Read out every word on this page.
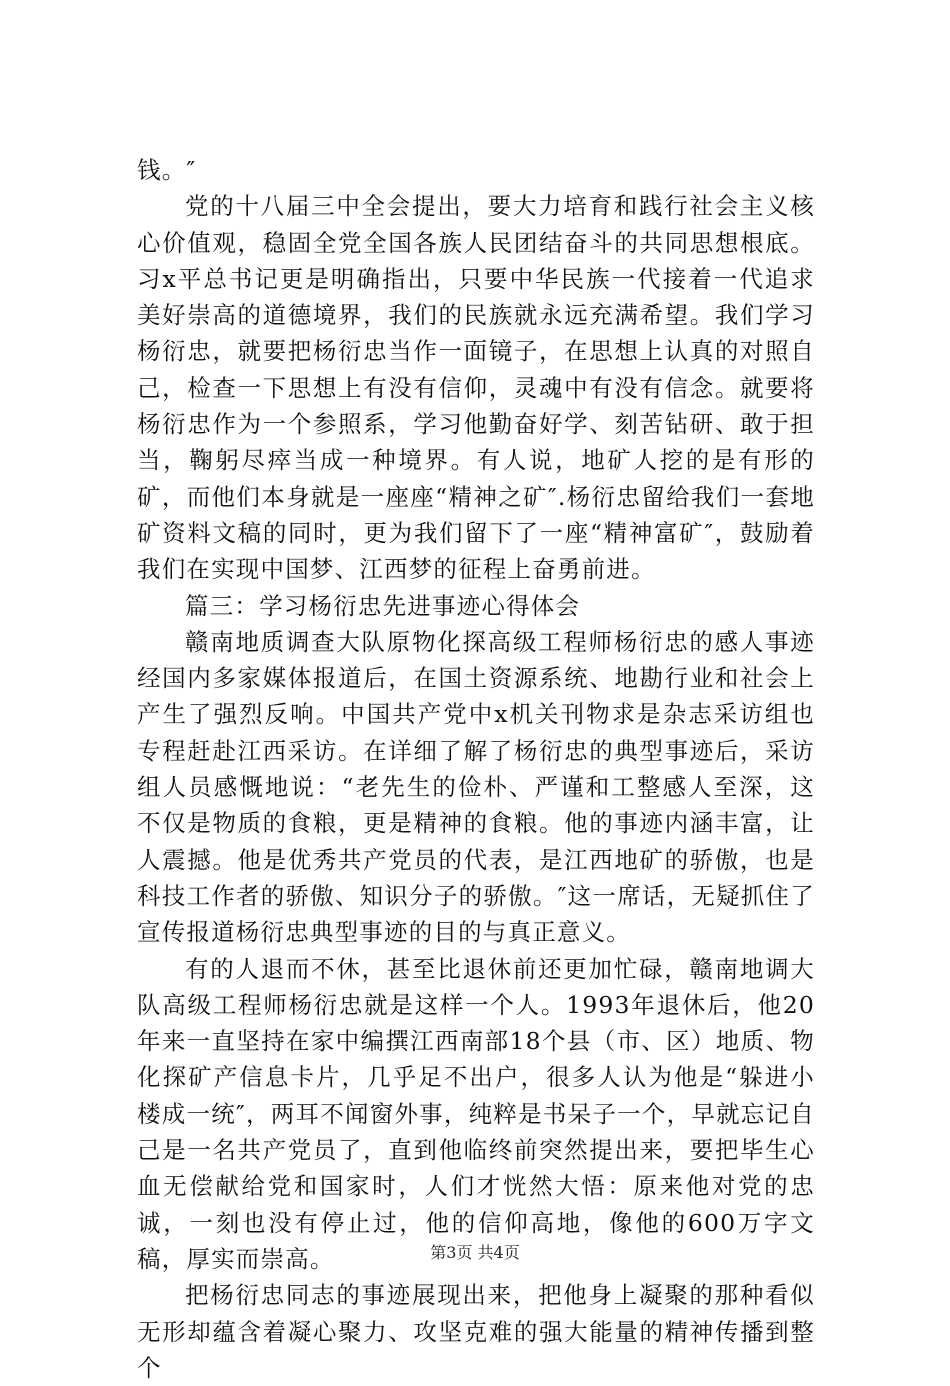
钱。″

党的十八届三中全会提出，要大力培育和践行社会主义核心价值观，稳固全党全国各族人民团结奋斗的共同思想根底。习x平总书记更是明确指出，只要中华民族一代接着一代追求美好崇高的道德境界，我们的民族就永远充满希望。我们学习杨衍忠，就要把杨衍忠当作一面镜子，在思想上认真的对照自己，检查一下思想上有没有信仰，灵魂中有没有信念。就要将杨衍忠作为一个参照系，学习他勤奋好学、刻苦钻研、敢于担当，鞠躬尽瘁当成一种境界。有人说，地矿人挖的是有形的矿，而他们本身就是一座座“精神之矿″.杨衍忠留给我们一套地矿资料文稿的同时，更为我们留下了一座“精神富矿″，鼓励着我们在实现中国梦、江西梦的征程上奋勇前进。

篇三：学习杨衍忠先进事迹心得体会

赣南地质调查大队原物化探高级工程师杨衍忠的感人事迹经国内多家媒体报道后，在国土资源系统、地勘行业和社会上产生了强烈反响。中国共产党中x机关刊物求是杂志采访组也专程赶赴江西采访。在详细了解了杨衍忠的典型事迹后，采访组人员感慨地说：“老先生的俭朴、严谨和工整感人至深，这不仅是物质的食粮，更是精神的食粮。他的事迹内涵丰富，让人震撼。他是优秀共产党员的代表，是江西地矿的骄傲，也是科技工作者的骄傲、知识分子的骄傲。″这一席话，无疑抓住了宣传报道杨衍忠典型事迹的目的与真正意义。

有的人退而不休，甚至比退休前还更加忙碌，赣南地调大队高级工程师杨衍忠就是这样一个人。1993年退休后，他20年来一直坚持在家中编撰江西南部18个县（市、区）地质、物化探矿产信息卡片，几乎足不出户，很多人认为他是“躲进小楼成一统″，两耳不闻窗外事，纯粹是书呆子一个，早就忘记自己是一名共产党员了，直到他临终前突然提出来，要把毕生心血无偿献给党和国家时，人们才恍然大悟：原来他对党的忠诚，一刻也没有停止过，他的信仰高地，像他的600万字文稿，厚实而崇高。

把杨衍忠同志的事迹展现出来，把他身上凝聚的那种看似无形却蕴含着凝心聚力、攻坚克难的强大能量的精神传播到整个

第3页 共4页
